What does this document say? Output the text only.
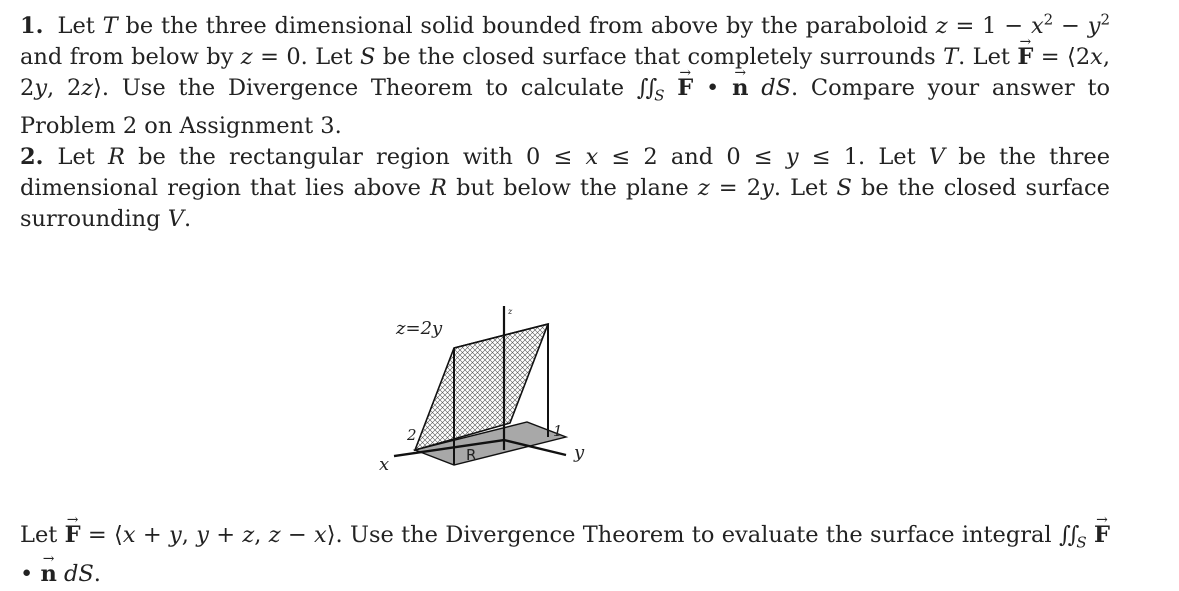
1. Let T be the three dimensional solid bounded from above by the paraboloid $z = 1 - x^2 - y^2$ and from below by z = 0. Let S be the closed surface that completely surrounds T. Let → F = ⟨2x, 2y, 2z⟩. Use the Divergence Theorem to calculate $\int\int_S \to F$ • → n dS. Compare your answer to Problem 2 on Assignment 3.
2. Let R be the rectangular region with 0 ≤ x ≤ 2 and 0 ≤ y ≤ 1. Let V be the three dimensional region that lies above R but below the plane z = 2y. Let S be the closed surface surrounding V.
z=2y
R
x
y
z
2	1
Let → F = ⟨x + y, y + z, z − x⟩. Use the Divergence Theorem to evaluate the surface integral $\int\int_S \to F$ • → n dS.
